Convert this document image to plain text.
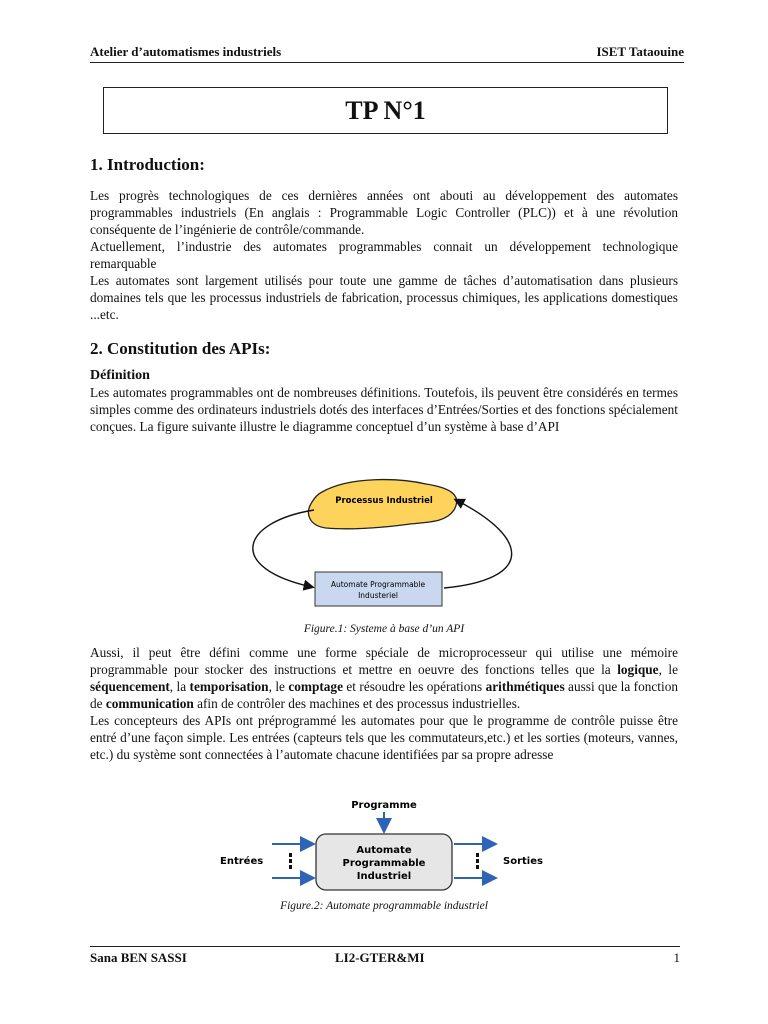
Atelier d’automatismes industriels	ISET Tataouine
TP N°1
1. Introduction:

Les progrès technologiques de ces dernières années ont abouti au développement des automates programmables industriels (En anglais : Programmable Logic Controller (PLC)) et à une révolution conséquente de l’ingénierie de contrôle/commande.

Actuellement, l’industrie des automates programmables connait un développement technologique remarquable

Les automates sont largement utilisés pour toute une gamme de tâches d’automatisation dans plusieurs domaines tels que les processus industriels de fabrication, processus chimiques, les applications domestiques ...etc.

2. Constitution des APIs:

Définition

Les automates programmables ont de nombreuses définitions. Toutefois, ils peuvent être considérés en termes simples comme des ordinateurs industriels dotés des interfaces d’Entrées/Sorties et des fonctions spécialement conçues. La figure suivante illustre le diagramme conceptuel d’un système à base d’API

Processus Industriel
Automate Programmable
Industeriel
Figure.1: Systeme à base d’un API

Aussi, il peut être défini comme une forme spéciale de microprocesseur qui utilise une mémoire programmable pour stocker des instructions et mettre en oeuvre des fonctions telles que la logique, le séquencement, la temporisation, le comptage et résoudre les opérations arithmétiques aussi que la fonction de communication afin de contrôler des machines et des processus industrielles.

Les concepteurs des APIs ont préprogrammé les automates pour que le programme de contrôle puisse être entré d’une façon simple. Les entrées (capteurs tels que les commutateurs,etc.) et les sorties (moteurs, vannes, etc.) du système sont connectées à l’automate chacune identifiées par sa propre adresse

Programme
Automate
Programmable
Industriel
Entrées	Sorties
Figure.2: Automate programmable industriel
Sana BEN SASSI	LI2-GTER&MI	1
